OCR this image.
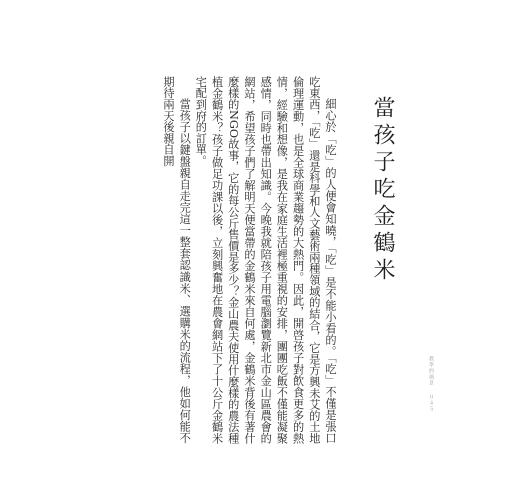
當孩子吃金鶴米

細心於「吃」的人便會知曉，「吃」是不能小看的。「吃」不僅是張口吃東西，「吃」還是科學和人文藝術兩種領域的結合，它是方興未艾的土地倫理運動，也是全球商業趨勢的大熱門。因此，開啓孩子對飲食更多的熱情，經驗和想像，是我在家庭生活裡極重視的安排，團團吃飯不僅能凝聚感情，同時也帶出知識。今晚我就陪孩子用電腦瀏覽新北市金山區農會的網站，希望孩子們了解明天便當帶的金鶴米來自何處，金鶴米背後有著什麼樣的NGO故事，它的每公斤售價是多少？金山農夫使用什麼樣的農法種植金鶴米？孩子做足功課以後，立刻興奮地在農會網站下了十公斤金鶴米宅配到府的訂單。

當孩子以鍵盤親自走完這一整套認識米、選購米的流程，他如何能不期待兩天後親自開

教學的風景０４５
